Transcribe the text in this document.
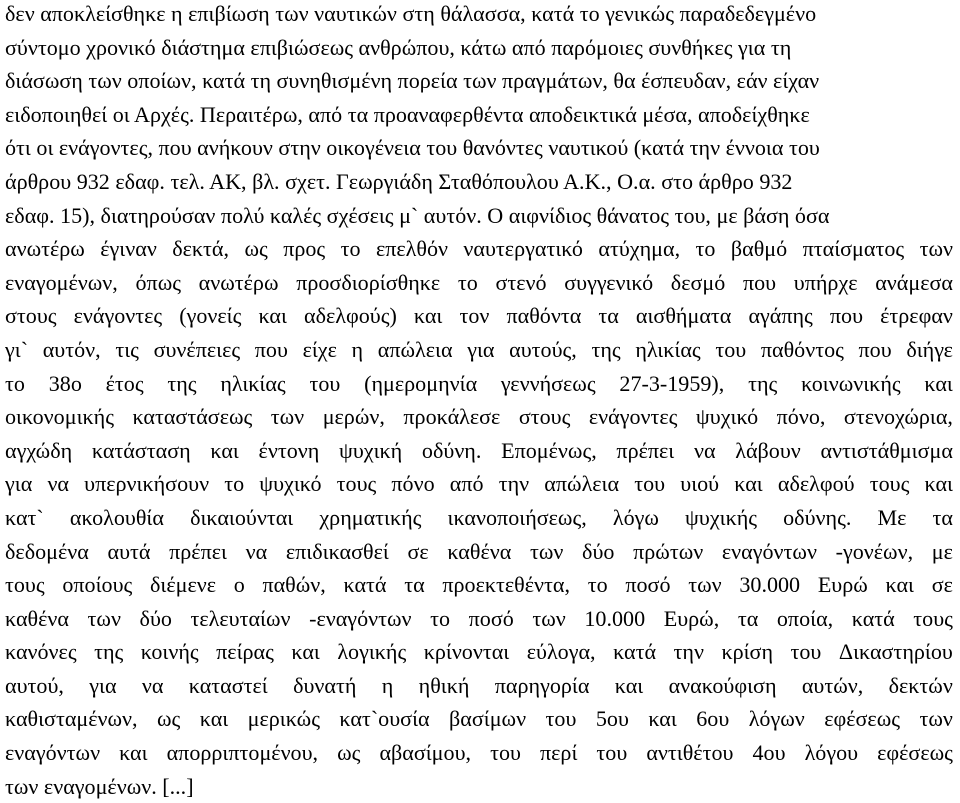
δεν αποκλείσθηκε η επιβίωση των ναυτικών στη θάλασσα, κατά το γενικώς παραδεδεγμένο
σύντομο χρονικό διάστημα επιβιώσεως ανθρώπου, κάτω από παρόμοιες συνθήκες για τη
διάσωση των οποίων, κατά τη συνηθισμένη πορεία των πραγμάτων, θα έσπευδαν, εάν είχαν
ειδοποιηθεί οι Αρχές. Περαιτέρω, από τα προαναφερθέντα αποδεικτικά μέσα, αποδείχθηκε
ότι οι ενάγοντες, που ανήκουν στην οικογένεια του θανόντες ναυτικού (κατά την έννοια του
άρθρου 932 εδαφ. τελ. ΑΚ, βλ. σχετ. Γεωργιάδη Σταθόπουλου Α.Κ., Ο.α. στο άρθρο 932
εδαφ. 15), διατηρούσαν πολύ καλές σχέσεις μ` αυτόν. Ο αιφνίδιος θάνατος του, με βάση όσα
ανωτέρω έγιναν δεκτά, ως προς το επελθόν ναυτεργατικό ατύχημα, το βαθμό πταίσματος των
εναγομένων, όπως ανωτέρω προσδιορίσθηκε το στενό συγγενικό δεσμό που υπήρχε ανάμεσα
στους ενάγοντες (γονείς και αδελφούς) και τον παθόντα τα αισθήματα αγάπης που έτρεφαν
γι` αυτόν, τις συνέπειες που είχε η απώλεια για αυτούς, της ηλικίας του παθόντος που διήγε
το 38ο έτος της ηλικίας του (ημερομηνία γεννήσεως 27-3-1959), της κοινωνικής και
οικονομικής καταστάσεως των μερών, προκάλεσε στους ενάγοντες ψυχικό πόνο, στενοχώρια,
αγχώδη κατάσταση και έντονη ψυχική οδύνη. Επομένως, πρέπει να λάβουν αντιστάθμισμα
για να υπερνικήσουν το ψυχικό τους πόνο από την απώλεια του υιού και αδελφού τους και
κατ` ακολουθία δικαιούνται χρηματικής ικανοποιήσεως, λόγω ψυχικής οδύνης. Με τα
δεδομένα αυτά πρέπει να επιδικασθεί σε καθένα των δύο πρώτων εναγόντων -γονέων, με
τους οποίους διέμενε ο παθών, κατά τα προεκτεθέντα, το ποσό των 30.000 Ευρώ και σε
καθένα των δύο τελευταίων -εναγόντων το ποσό των 10.000 Ευρώ, τα οποία, κατά τους
κανόνες της κοινής πείρας και λογικής κρίνονται εύλογα, κατά την κρίση του Δικαστηρίου
αυτού, για να καταστεί δυνατή η ηθική παρηγορία και ανακούφιση αυτών, δεκτών
καθισταμένων, ως και μερικώς κατ`ουσία βασίμων του 5ου και 6ου λόγων εφέσεως των
εναγόντων και απορριπτομένου, ως αβασίμου, του περί του αντιθέτου 4ου λόγου εφέσεως
των εναγομένων. [...]
